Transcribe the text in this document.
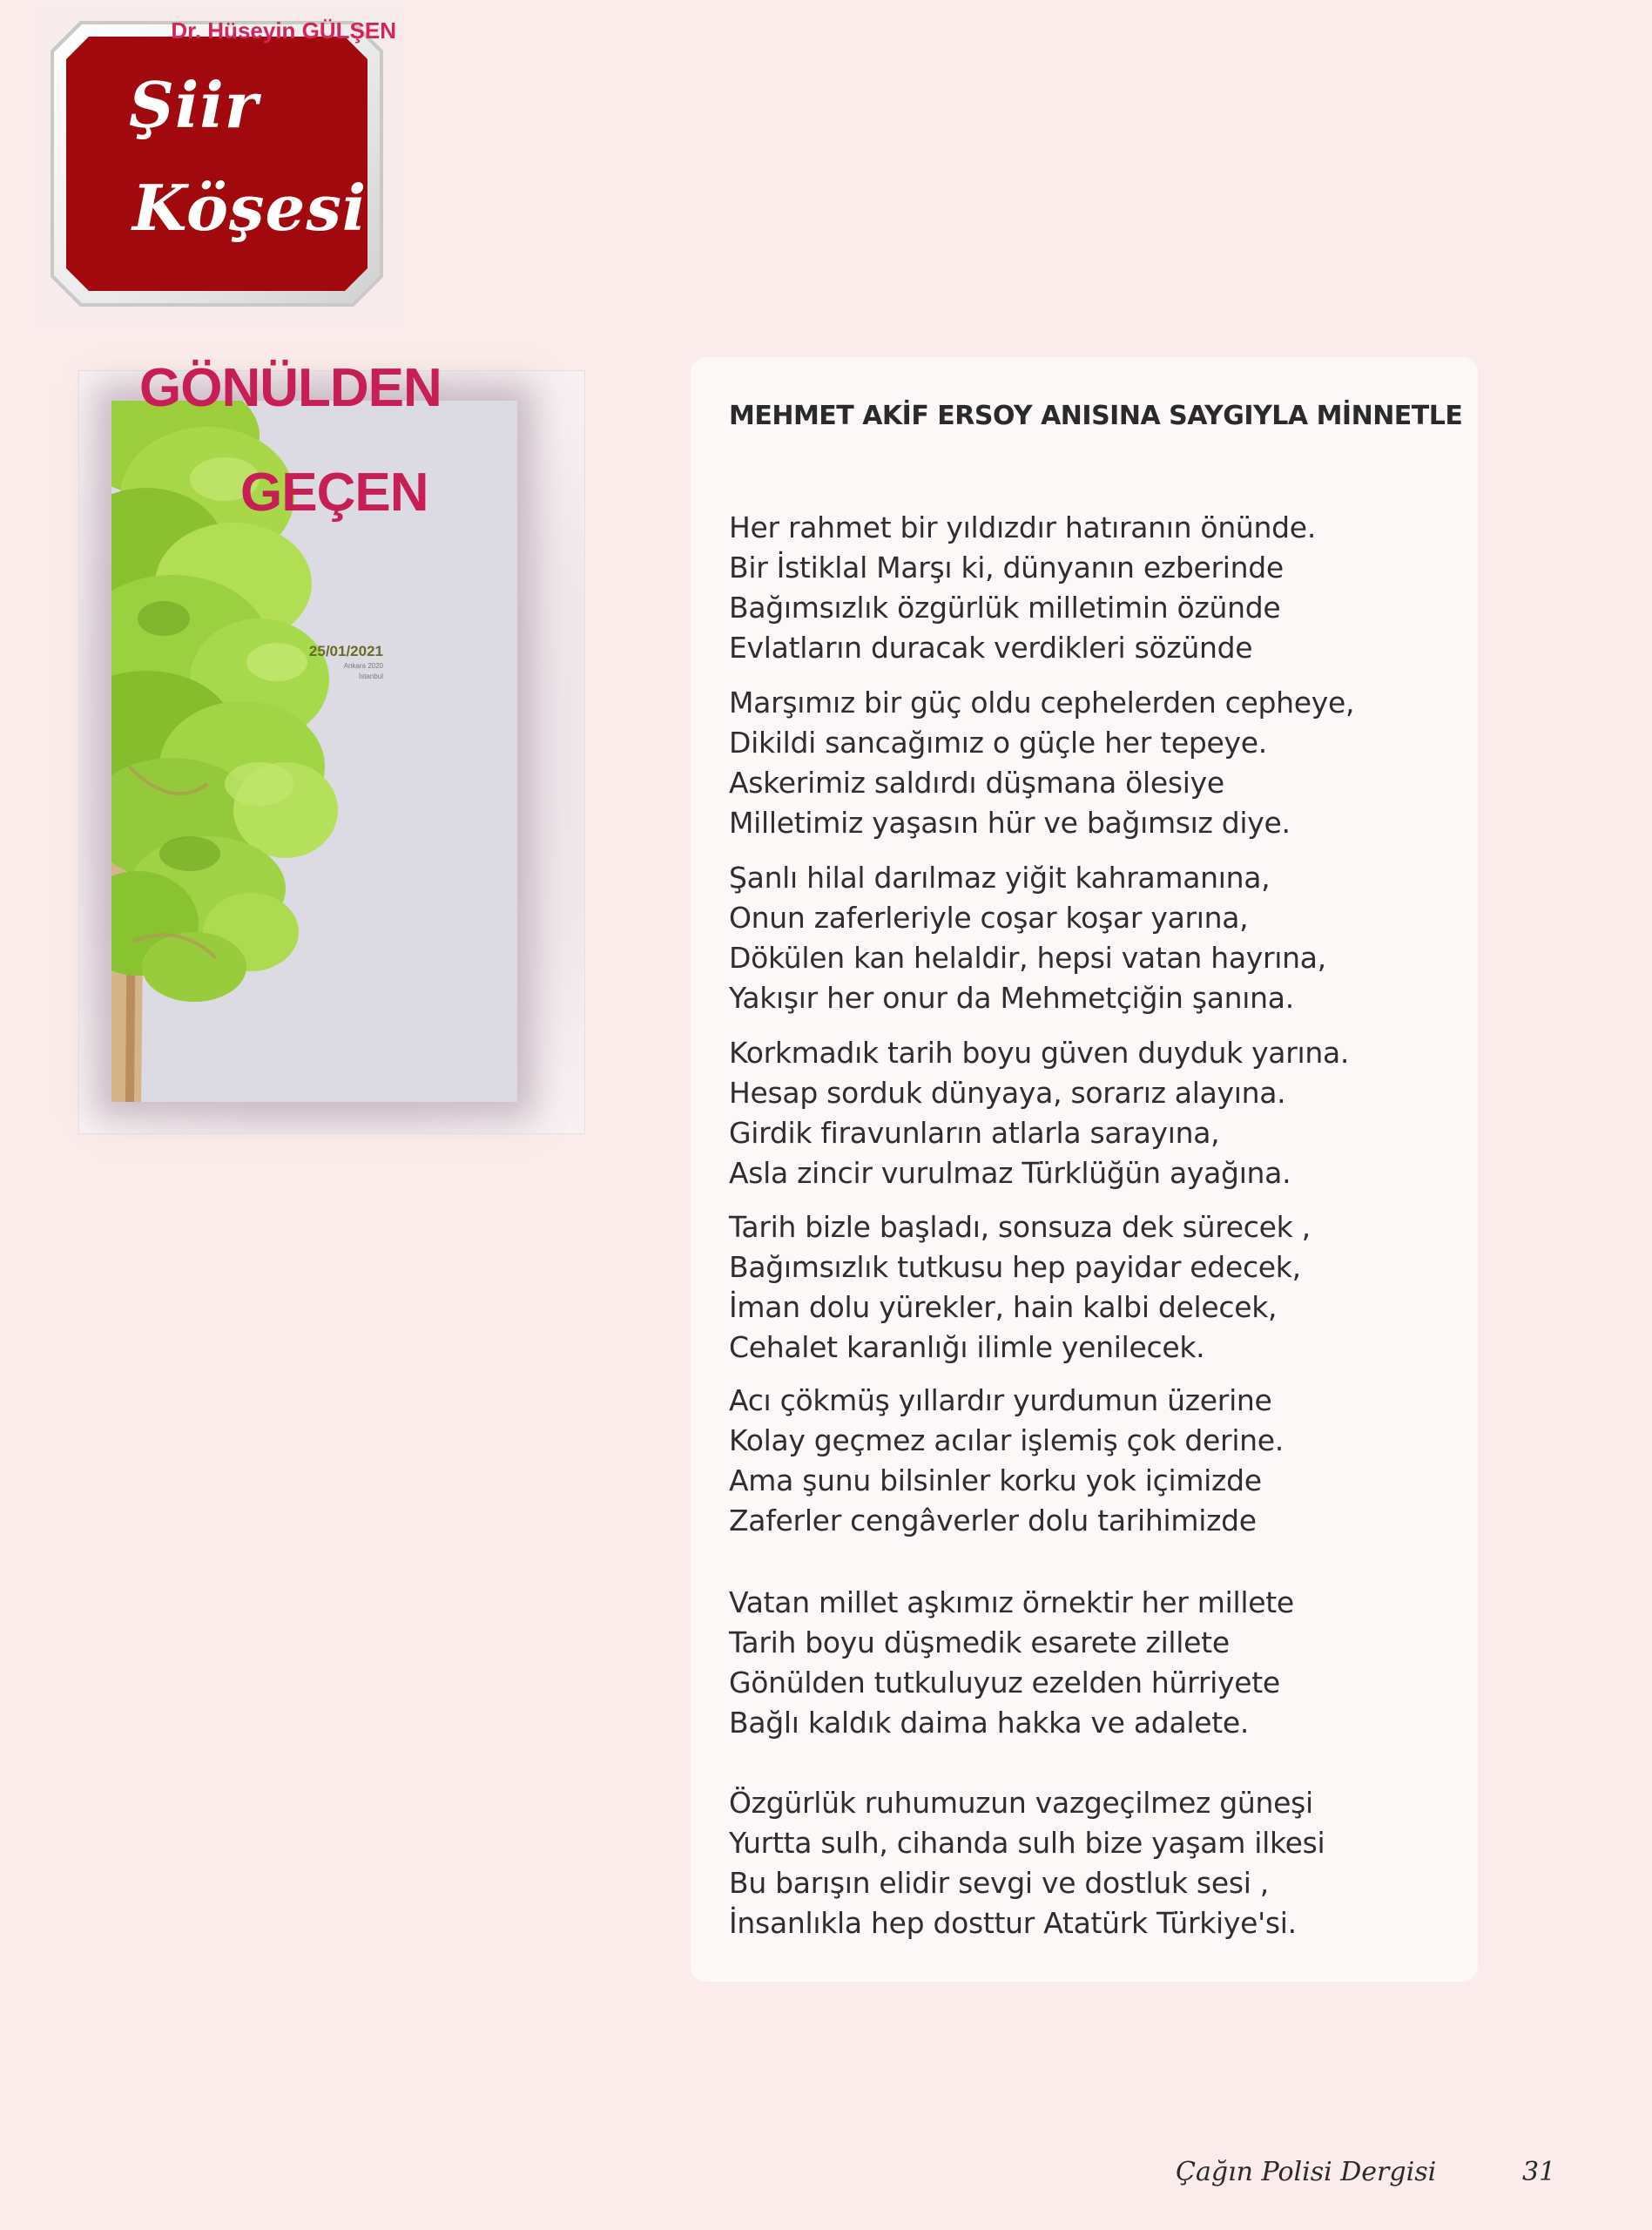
Şiir
Köşesi
Dr. Hüseyin GÜLŞEN
GÖNÜLDEN
GEÇEN
25/01/2021
Ankara 2020
İstanbul
MEHMET AKİF ERSOY ANISINA SAYGIYLA MİNNETLE
Her rahmet bir yıldızdır hatıranın önünde.
Bir İstiklal Marşı ki, dünyanın ezberinde
Bağımsızlık özgürlük milletimin özünde
Evlatların duracak verdikleri sözünde
Marşımız bir güç oldu cephelerden cepheye,
Dikildi sancağımız o güçle her tepeye.
Askerimiz saldırdı düşmana ölesiye
Milletimiz yaşasın hür ve bağımsız diye.
Şanlı hilal darılmaz yiğit kahramanına,
Onun zaferleriyle coşar koşar yarına,
Dökülen kan helaldir, hepsi vatan hayrına,
Yakışır her onur da Mehmetçiğin şanına.
Korkmadık tarih boyu güven duyduk yarına.
Hesap sorduk dünyaya, sorarız alayına.
Girdik firavunların atlarla sarayına,
Asla zincir vurulmaz Türklüğün ayağına.
Tarih bizle başladı, sonsuza dek sürecek ,
Bağımsızlık tutkusu hep payidar edecek,
İman dolu yürekler, hain kalbi delecek,
Cehalet karanlığı ilimle yenilecek.
Acı çökmüş yıllardır yurdumun üzerine
Kolay geçmez acılar işlemiş çok derine.
Ama şunu bilsinler korku yok içimizde
Zaferler cengâverler dolu tarihimizde
Vatan millet aşkımız örnektir her millete
Tarih boyu düşmedik esarete zillete
Gönülden tutkuluyuz ezelden hürriyete
Bağlı kaldık daima hakka ve adalete.
Özgürlük ruhumuzun vazgeçilmez güneşi
Yurtta sulh, cihanda sulh bize yaşam ilkesi
Bu barışın elidir sevgi ve dostluk sesi ,
İnsanlıkla hep dosttur Atatürk Türkiye'si.
Çağın Polisi Dergisi	31
